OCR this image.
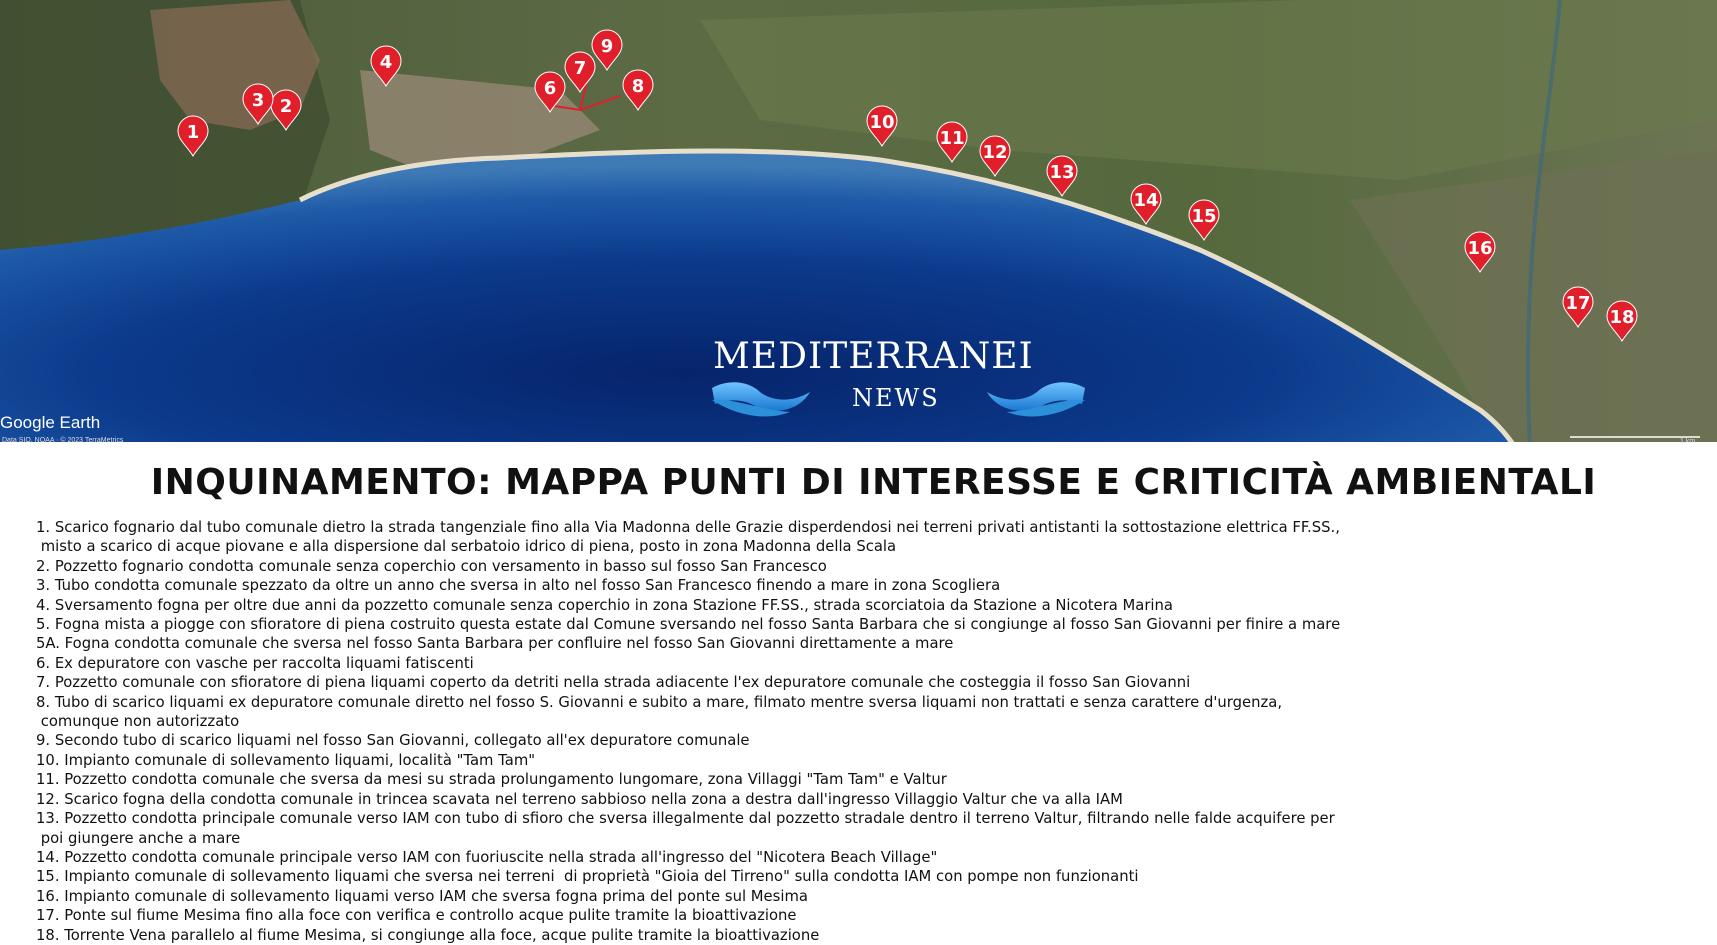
Google Earth
Data SIO, NOAA · © 2023 TerraMetrics	1 km
MEDITERRANEI
NEWS
1
2
3
4
6
7
8
9
10
11
12
13
14
15
16
17
18
INQUINAMENTO: MAPPA PUNTI DI INTERESSE E CRITICITÀ AMBIENTALI
1. Scarico fognario dal tubo comunale dietro la strada tangenziale fino alla Via Madonna delle Grazie disperdendosi nei terreni privati antistanti la sottostazione elettrica FF.SS.,
misto a scarico di acque piovane e alla dispersione dal serbatoio idrico di piena, posto in zona Madonna della Scala
2. Pozzetto fognario condotta comunale senza coperchio con versamento in basso sul fosso San Francesco
3. Tubo condotta comunale spezzato da oltre un anno che sversa in alto nel fosso San Francesco finendo a mare in zona Scogliera
4. Sversamento fogna per oltre due anni da pozzetto comunale senza coperchio in zona Stazione FF.SS., strada scorciatoia da Stazione a Nicotera Marina
5. Fogna mista a piogge con sfioratore di piena costruito questa estate dal Comune sversando nel fosso Santa Barbara che si congiunge al fosso San Giovanni per finire a mare
5A. Fogna condotta comunale che sversa nel fosso Santa Barbara per confluire nel fosso San Giovanni direttamente a mare
6. Ex depuratore con vasche per raccolta liquami fatiscenti
7. Pozzetto comunale con sfioratore di piena liquami coperto da detriti nella strada adiacente l'ex depuratore comunale che costeggia il fosso San Giovanni
8. Tubo di scarico liquami ex depuratore comunale diretto nel fosso S. Giovanni e subito a mare, filmato mentre sversa liquami non trattati e senza carattere d'urgenza,
comunque non autorizzato
9. Secondo tubo di scarico liquami nel fosso San Giovanni, collegato all'ex depuratore comunale
10. Impianto comunale di sollevamento liquami, località "Tam Tam"
11. Pozzetto condotta comunale che sversa da mesi su strada prolungamento lungomare, zona Villaggi "Tam Tam" e Valtur
12. Scarico fogna della condotta comunale in trincea scavata nel terreno sabbioso nella zona a destra dall'ingresso Villaggio Valtur che va alla IAM
13. Pozzetto condotta principale comunale verso IAM con tubo di sfioro che sversa illegalmente dal pozzetto stradale dentro il terreno Valtur, filtrando nelle falde acquifere per
poi giungere anche a mare
14. Pozzetto condotta comunale principale verso IAM con fuoriuscite nella strada all'ingresso del "Nicotera Beach Village"
15. Impianto comunale di sollevamento liquami che sversa nei terreni  di proprietà "Gioia del Tirreno" sulla condotta IAM con pompe non funzionanti
16. Impianto comunale di sollevamento liquami verso IAM che sversa fogna prima del ponte sul Mesima
17. Ponte sul fiume Mesima fino alla foce con verifica e controllo acque pulite tramite la bioattivazione
18. Torrente Vena parallelo al fiume Mesima, si congiunge alla foce, acque pulite tramite la bioattivazione
